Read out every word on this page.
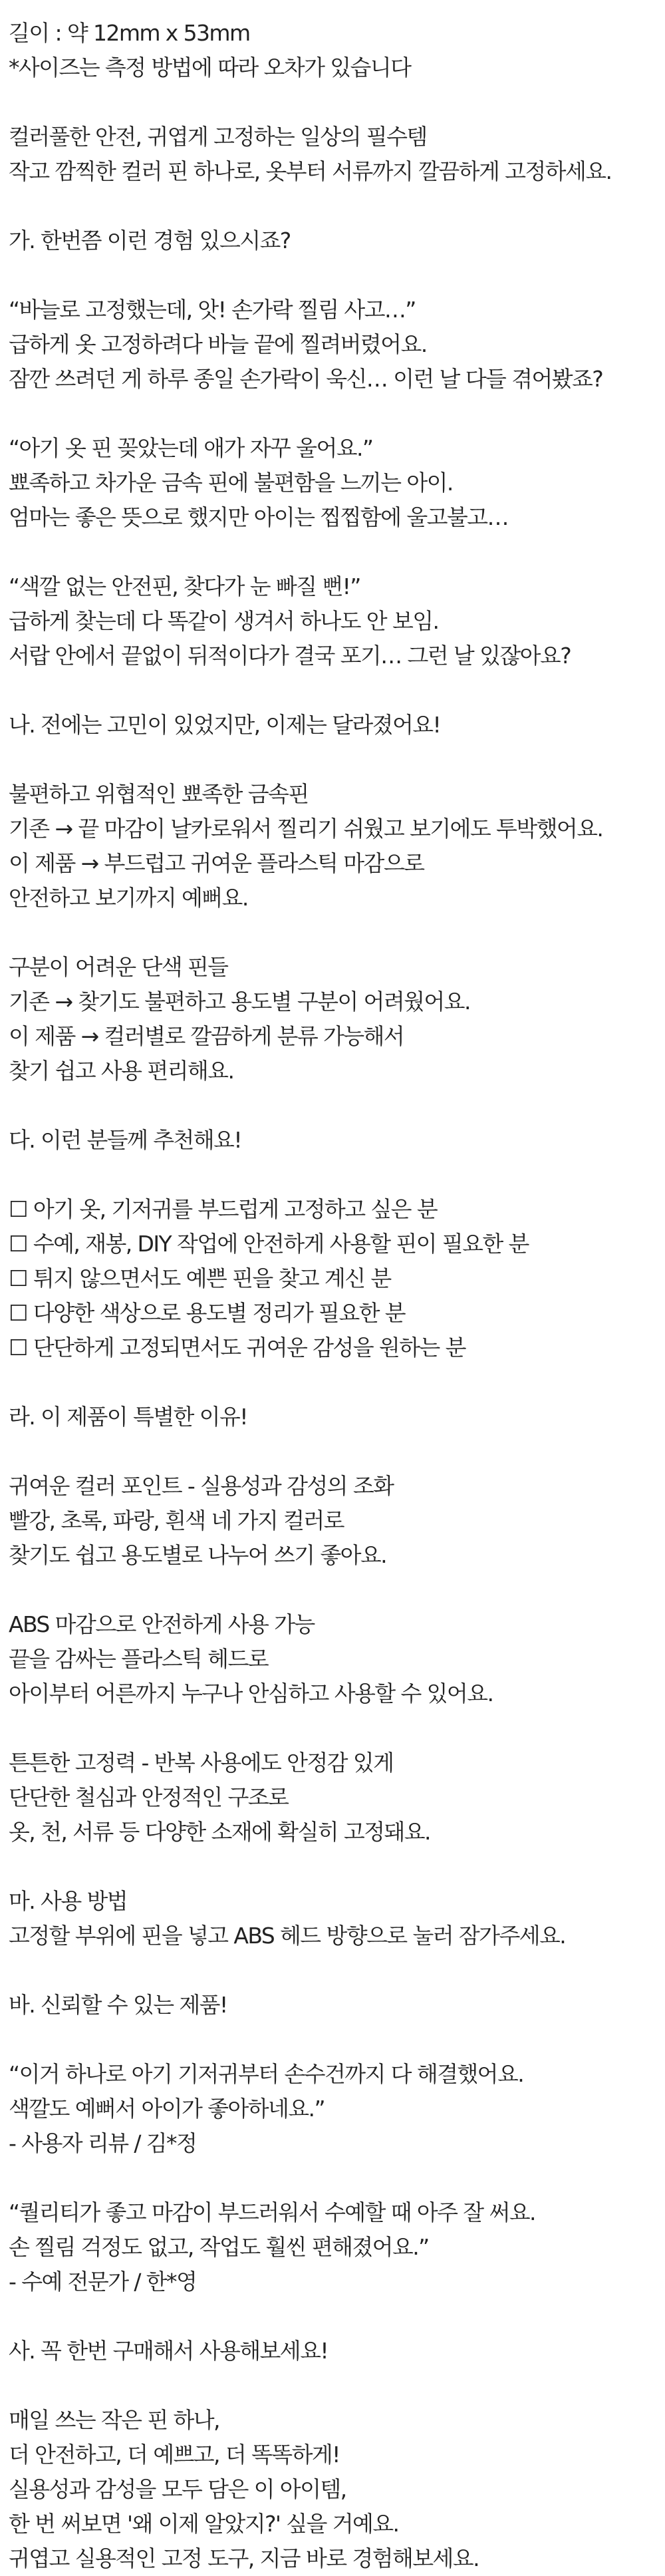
길이 : 약 12mm x 53mm
*사이즈는 측정 방법에 따라 오차가 있습니다
컬러풀한 안전, 귀엽게 고정하는 일상의 필수템
작고 깜찍한 컬러 핀 하나로, 옷부터 서류까지 깔끔하게 고정하세요.
가. 한번쯤 이런 경험 있으시죠?
“바늘로 고정했는데, 앗! 손가락 찔림 사고…”
급하게 옷 고정하려다 바늘 끝에 찔려버렸어요.
잠깐 쓰려던 게 하루 종일 손가락이 욱신… 이런 날 다들 겪어봤죠?
“아기 옷 핀 꽂았는데 애가 자꾸 울어요.”
뾰족하고 차가운 금속 핀에 불편함을 느끼는 아이.
엄마는 좋은 뜻으로 했지만 아이는 찝찝함에 울고불고…
“색깔 없는 안전핀, 찾다가 눈 빠질 뻔!”
급하게 찾는데 다 똑같이 생겨서 하나도 안 보임.
서랍 안에서 끝없이 뒤적이다가 결국 포기… 그런 날 있잖아요?
나. 전에는 고민이 있었지만, 이제는 달라졌어요!
불편하고 위협적인 뾰족한 금속핀
기존 → 끝 마감이 날카로워서 찔리기 쉬웠고 보기에도 투박했어요.
이 제품 → 부드럽고 귀여운 플라스틱 마감으로
안전하고 보기까지 예뻐요.
구분이 어려운 단색 핀들
기존 → 찾기도 불편하고 용도별 구분이 어려웠어요.
이 제품 → 컬러별로 깔끔하게 분류 가능해서
찾기 쉽고 사용 편리해요.
다. 이런 분들께 추천해요!
☐ 아기 옷, 기저귀를 부드럽게 고정하고 싶은 분
☐ 수예, 재봉, DIY 작업에 안전하게 사용할 핀이 필요한 분
☐ 튀지 않으면서도 예쁜 핀을 찾고 계신 분
☐ 다양한 색상으로 용도별 정리가 필요한 분
☐ 단단하게 고정되면서도 귀여운 감성을 원하는 분
라. 이 제품이 특별한 이유!
귀여운 컬러 포인트 - 실용성과 감성의 조화
빨강, 초록, 파랑, 흰색 네 가지 컬러로
찾기도 쉽고 용도별로 나누어 쓰기 좋아요.
ABS 마감으로 안전하게 사용 가능
끝을 감싸는 플라스틱 헤드로
아이부터 어른까지 누구나 안심하고 사용할 수 있어요.
튼튼한 고정력 - 반복 사용에도 안정감 있게
단단한 철심과 안정적인 구조로
옷, 천, 서류 등 다양한 소재에 확실히 고정돼요.
마. 사용 방법
고정할 부위에 핀을 넣고 ABS 헤드 방향으로 눌러 잠가주세요.
바. 신뢰할 수 있는 제품!
“이거 하나로 아기 기저귀부터 손수건까지 다 해결했어요.
색깔도 예뻐서 아이가 좋아하네요.”
- 사용자 리뷰 / 김*정
“퀄리티가 좋고 마감이 부드러워서 수예할 때 아주 잘 써요.
손 찔림 걱정도 없고, 작업도 훨씬 편해졌어요.”
- 수예 전문가 / 한*영
사. 꼭 한번 구매해서 사용해보세요!
매일 쓰는 작은 핀 하나,
더 안전하고, 더 예쁘고, 더 똑똑하게!
실용성과 감성을 모두 담은 이 아이템,
한 번 써보면 '왜 이제 알았지?' 싶을 거예요.
귀엽고 실용적인 고정 도구, 지금 바로 경험해보세요.
